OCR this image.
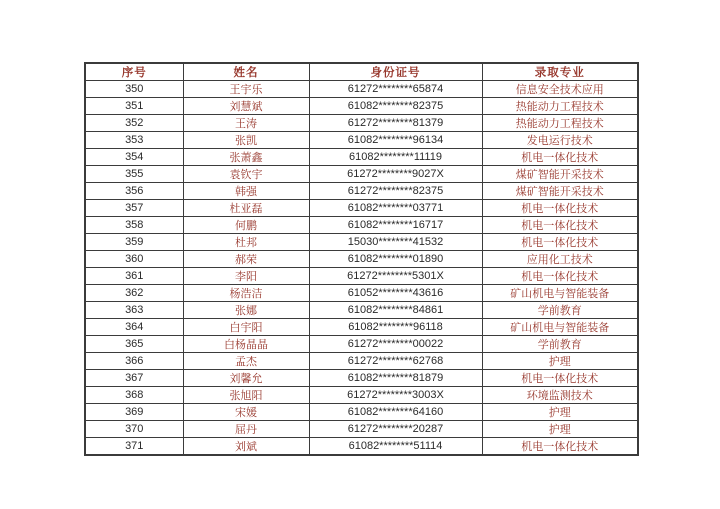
序号	姓名	身份证号	录取专业
350	王宇乐	61272********65874	信息安全技术应用
351	刘慧斌	61082********82375	热能动力工程技术
352	王涛	61272********81379	热能动力工程技术
353	张凯	61082********96134	发电运行技术
354	张萧鑫	61082********11119	机电一体化技术
355	袁钦宇	61272********9027X	煤矿智能开采技术
356	韩强	61272********82375	煤矿智能开采技术
357	杜亚磊	61082********03771	机电一体化技术
358	何鹏	61082********16717	机电一体化技术
359	杜邦	15030********41532	机电一体化技术
360	郝荣	61082********01890	应用化工技术
361	李阳	61272********5301X	机电一体化技术
362	杨浩洁	61052********43616	矿山机电与智能装备
363	张娜	61082********84861	学前教育
364	白宇阳	61082********96118	矿山机电与智能装备
365	白杨晶晶	61272********00022	学前教育
366	孟杰	61272********62768	护理
367	刘馨允	61082********81879	机电一体化技术
368	张旭阳	61272********3003X	环境监测技术
369	宋媛	61082********64160	护理
370	屈丹	61272********20287	护理
371	刘斌	61082********51114	机电一体化技术
